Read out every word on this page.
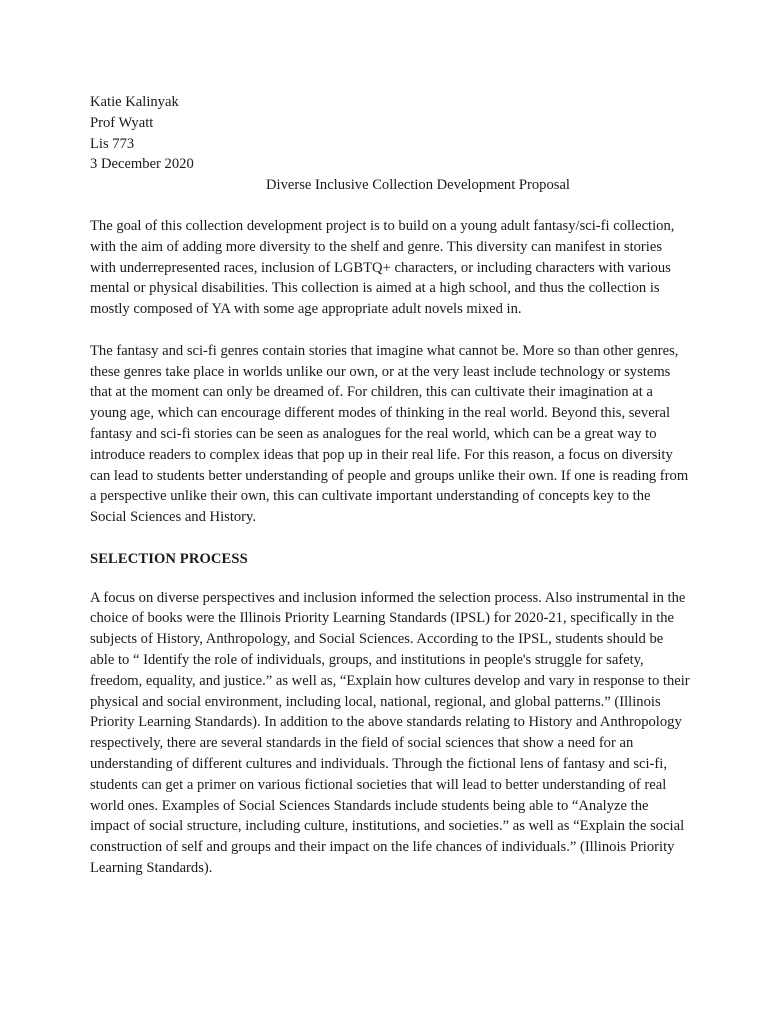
Katie Kalinyak
Prof Wyatt
Lis 773
3 December 2020
Diverse Inclusive Collection Development Proposal

The goal of this collection development project is to build on a young adult fantasy/sci-fi collection, with the aim of adding more diversity to the shelf and genre. This diversity can manifest in stories with underrepresented races, inclusion of LGBTQ+ characters, or including characters with various mental or physical disabilities. This collection is aimed at a high school, and thus the collection is mostly composed of YA with some age appropriate adult novels mixed in.

The fantasy and sci-fi genres contain stories that imagine what cannot be. More so than other genres, these genres take place in worlds unlike our own, or at the very least include technology or systems that at the moment can only be dreamed of. For children, this can cultivate their imagination at a young age, which can encourage different modes of thinking in the real world. Beyond this, several fantasy and sci-fi stories can be seen as analogues for the real world, which can be a great way to introduce readers to complex ideas that pop up in their real life. For this reason, a focus on diversity can lead to students better understanding of people and groups unlike their own. If one is reading from a perspective unlike their own, this can cultivate important understanding of concepts key to the Social Sciences and History.

SELECTION PROCESS

A focus on diverse perspectives and inclusion informed the selection process. Also instrumental in the choice of books were the Illinois Priority Learning Standards (IPSL) for 2020-21, specifically in the subjects of History, Anthropology, and Social Sciences. According to the IPSL, students should be able to “ Identify the role of individuals, groups, and institutions in people's struggle for safety, freedom, equality, and justice.” as well as, “Explain how cultures develop and vary in response to their physical and social environment, including local, national, regional, and global patterns.” (Illinois Priority Learning Standards). In addition to the above standards relating to History and Anthropology respectively, there are several standards in the field of social sciences that show a need for an understanding of different cultures and individuals. Through the fictional lens of fantasy and sci-fi, students can get a primer on various fictional societies that will lead to better understanding of real world ones. Examples of Social Sciences Standards include students being able to “Analyze the impact of social structure, including culture, institutions, and societies.” as well as “Explain the social construction of self and groups and their impact on the life chances of individuals.” (Illinois Priority Learning Standards).
